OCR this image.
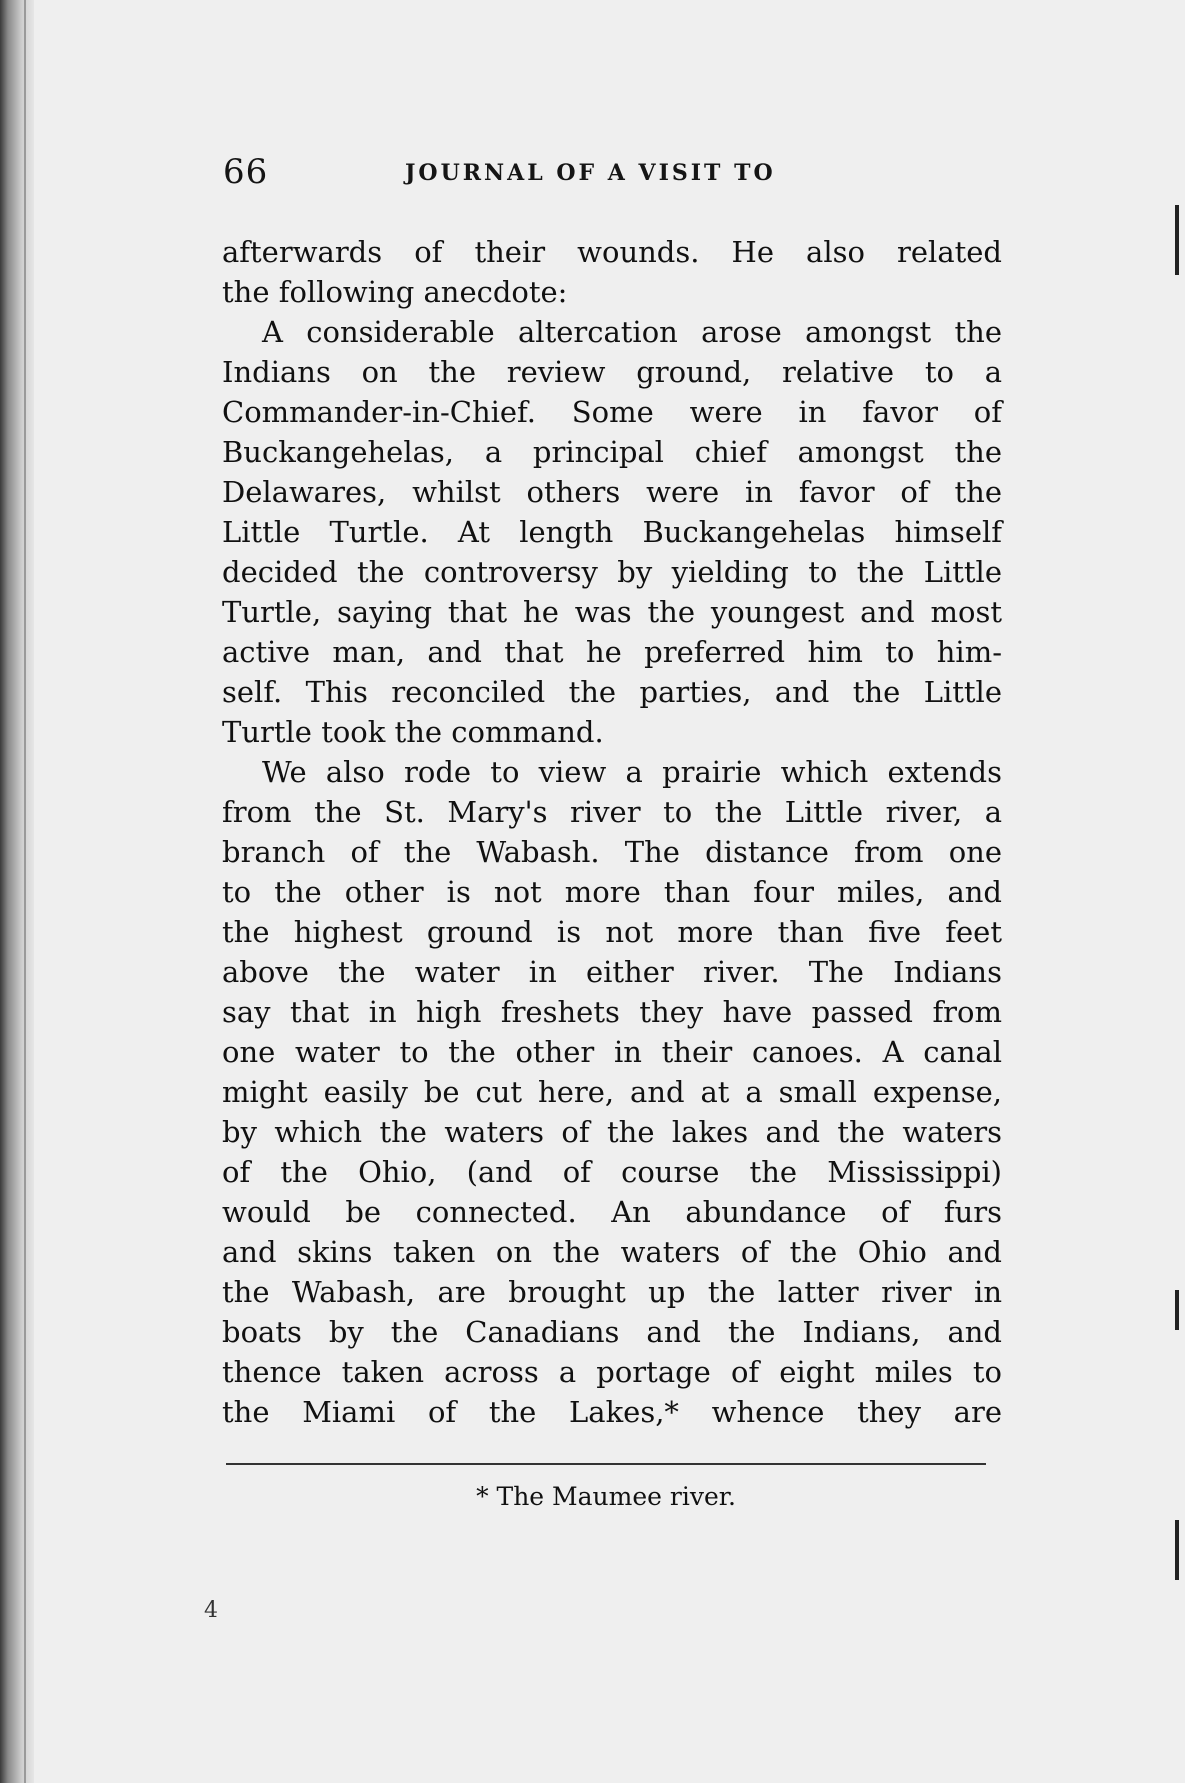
66	JOURNAL OF A VISIT TO
afterwards of their wounds. He also related
the following anecdote:
A considerable altercation arose amongst the
Indians on the review ground, relative to a
Commander-in-Chief. Some were in favor of
Buckangehelas, a principal chief amongst the
Delawares, whilst others were in favor of the
Little Turtle. At length Buckangehelas himself
decided the controversy by yielding to the Little
Turtle, saying that he was the youngest and most
active man, and that he preferred him to him-
self. This reconciled the parties, and the Little
Turtle took the command.
We also rode to view a prairie which extends
from the St. Mary's river to the Little river, a
branch of the Wabash. The distance from one
to the other is not more than four miles, and
the highest ground is not more than five feet
above the water in either river. The Indians
say that in high freshets they have passed from
one water to the other in their canoes. A canal
might easily be cut here, and at a small expense,
by which the waters of the lakes and the waters
of the Ohio, (and of course the Mississippi)
would be connected. An abundance of furs
and skins taken on the waters of the Ohio and
the Wabash, are brought up the latter river in
boats by the Canadians and the Indians, and
thence taken across a portage of eight miles to
the Miami of the Lakes,* whence they are
* The Maumee river.
4
